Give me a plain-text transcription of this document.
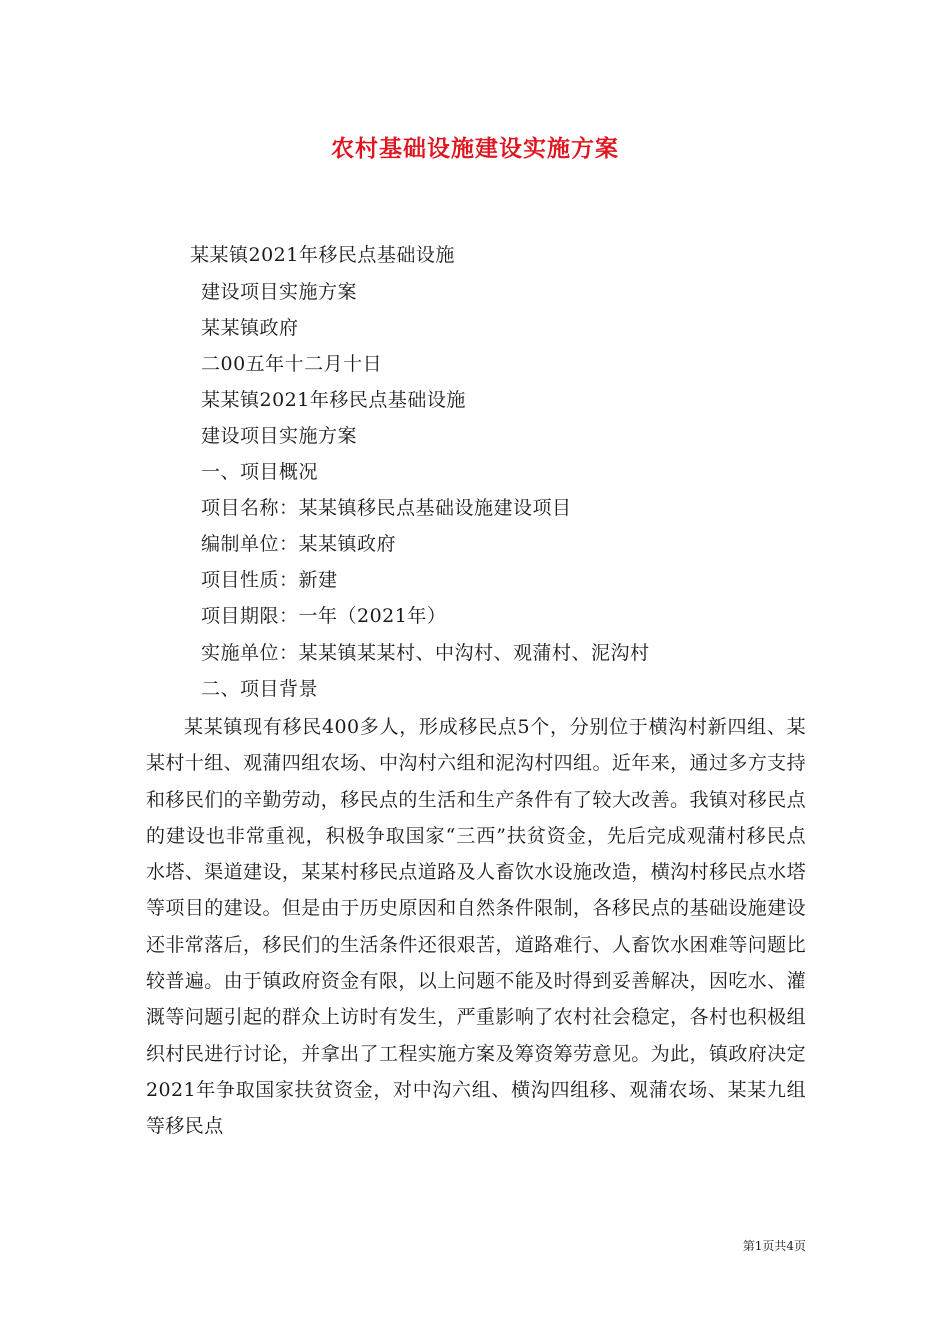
农村基础设施建设实施方案
某某镇2021年移民点基础设施
建设项目实施方案
某某镇政府
二00五年十二月十日
某某镇2021年移民点基础设施
建设项目实施方案
一、项目概况
项目名称：某某镇移民点基础设施建设项目
编制单位：某某镇政府
项目性质：新建
项目期限：一年（2021年）
实施单位：某某镇某某村、中沟村、观蒲村、泥沟村
二、项目背景

某某镇现有移民400多人，形成移民点5个，分别位于横沟村新四组、某某村十组、观蒲四组农场、中沟村六组和泥沟村四组。近年来，通过多方支持和移民们的辛勤劳动，移民点的生活和生产条件有了较大改善。我镇对移民点的建设也非常重视，积极争取国家“三西”扶贫资金，先后完成观蒲村移民点水塔、渠道建设，某某村移民点道路及人畜饮水设施改造，横沟村移民点水塔等项目的建设。但是由于历史原因和自然条件限制，各移民点的基础设施建设还非常落后，移民们的生活条件还很艰苦，道路难行、人畜饮水困难等问题比较普遍。由于镇政府资金有限，以上问题不能及时得到妥善解决，因吃水、灌溉等问题引起的群众上访时有发生，严重影响了农村社会稳定，各村也积极组织村民进行讨论，并拿出了工程实施方案及筹资筹劳意见。为此，镇政府决定2021年争取国家扶贫资金，对中沟六组、横沟四组移、观蒲农场、某某九组等移民点

第1页共4页
